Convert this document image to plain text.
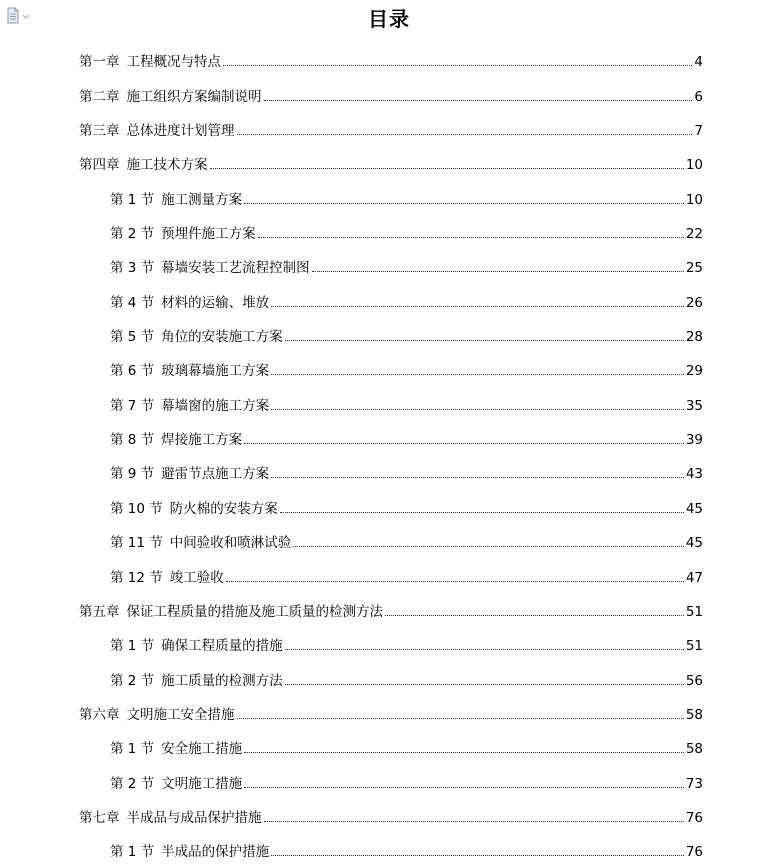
目录
第一章 工程概况与特点	4
第二章 施工组织方案编制说明	6
第三章 总体进度计划管理	7
第四章 施工技术方案	10
第 1 节 施工测量方案	10
第 2 节 预埋件施工方案	22
第 3 节 幕墙安装工艺流程控制图	25
第 4 节 材料的运输、堆放	26
第 5 节 角位的安装施工方案	28
第 6 节 玻璃幕墙施工方案	29
第 7 节 幕墙窗的施工方案	35
第 8 节 焊接施工方案	39
第 9 节 避雷节点施工方案	43
第 10 节 防火棉的安装方案	45
第 11 节 中间验收和喷淋试验	45
第 12 节 竣工验收	47
第五章 保证工程质量的措施及施工质量的检测方法	51
第 1 节 确保工程质量的措施	51
第 2 节 施工质量的检测方法	56
第六章 文明施工安全措施	58
第 1 节 安全施工措施	58
第 2 节 文明施工措施	73
第七章 半成品与成品保护措施	76
第 1 节 半成品的保护措施	76
